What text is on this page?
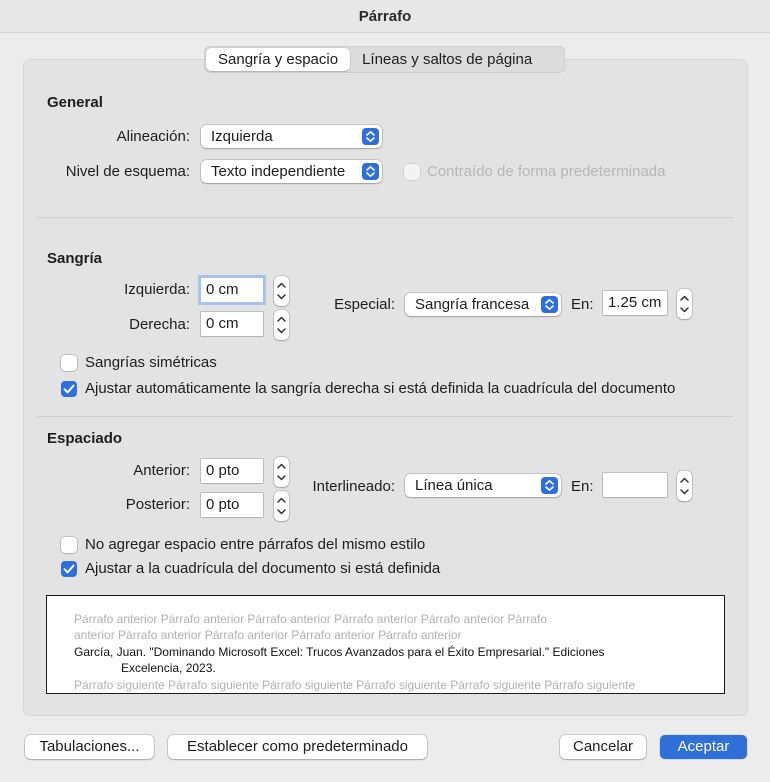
Párrafo
Sangría y espacio	Líneas y saltos de página
General
Alineación:	Izquierda
Nivel de esquema:	Texto independiente	Contraído de forma predeterminada
Sangría
Izquierda:	0 cm
Derecha:	0 cm
Especial:	Sangría francesa	En: 1.25 cm
Sangrías simétricas
Ajustar automáticamente la sangría derecha si está definida la cuadrícula del documento
Espaciado
Anterior:	0 pto
Posterior:	0 pto
Interlineado:	Línea única	En:
No agregar espacio entre párrafos del mismo estilo
Ajustar a la cuadrícula del documento si está definida
Párrafo anterior Párrafo anterior Párrafo anterior Párrafo anterior Párrafo anterior Párrafo
anterior Párrafo anterior Párrafo anterior Párrafo anterior Párrafo anterior
García, Juan. "Dominando Microsoft Excel: Trucos Avanzados para el Éxito Empresarial." Ediciones
Excelencia, 2023.
Párrafo siguiente Párrafo siguiente Párrafo siguiente Párrafo siguiente Párrafo siguiente Párrafo siguiente
Tabulaciones...	Establecer como predeterminado	Cancelar	Aceptar
